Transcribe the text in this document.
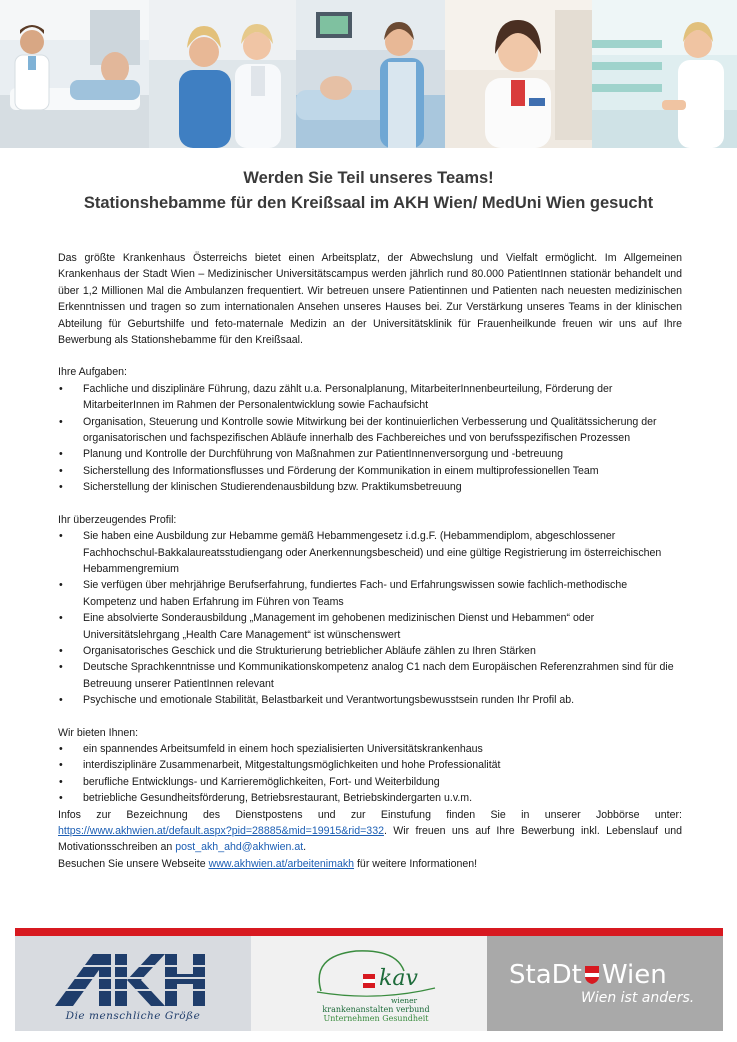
Werden Sie Teil unseres Teams!
Stationshebamme für den Kreißsaal im AKH Wien/ MedUni Wien gesucht

Das größte Krankenhaus Österreichs bietet einen Arbeitsplatz, der Abwechslung und Vielfalt ermöglicht. Im Allgemeinen Krankenhaus der Stadt Wien – Medizinischer Universitätscampus werden jährlich rund 80.000 PatientInnen stationär behandelt und über 1,2 Millionen Mal die Ambulanzen frequentiert. Wir betreuen unsere Patientinnen und Patienten nach neuesten medizinischen Erkenntnissen und tragen so zum internationalen Ansehen unseres Hauses bei. Zur Verstärkung unseres Teams in der klinischen Abteilung für Geburtshilfe und feto-maternale Medizin an der Universitätsklinik für Frauenheilkunde freuen wir uns auf Ihre Bewerbung als Stationshebamme für den Kreißsaal.

Ihre Aufgaben:
• Fachliche und disziplinäre Führung, dazu zählt u.a. Personalplanung, MitarbeiterInnenbeurteilung, Förderung der MitarbeiterInnen im Rahmen der Personalentwicklung sowie Fachaufsicht
• Organisation, Steuerung und Kontrolle sowie Mitwirkung bei der kontinuierlichen Verbesserung und Qualitätssicherung der organisatorischen und fachspezifischen Abläufe innerhalb des Fachbereiches und von berufsspezifischen Prozessen
• Planung und Kontrolle der Durchführung von Maßnahmen zur PatientInnenversorgung und -betreuung
• Sicherstellung des Informationsflusses und Förderung der Kommunikation in einem multiprofessionellen Team
• Sicherstellung der klinischen Studierendenausbildung bzw. Praktikumsbetreuung
Ihr überzeugendes Profil:
• Sie haben eine Ausbildung zur Hebamme gemäß Hebammengesetz i.d.g.F. (Hebammendiplom, abgeschlossener Fachhochschul-Bakkalaureatsstudiengang oder Anerkennungsbescheid) und eine gültige Registrierung im österreichischen Hebammengremium
• Sie verfügen über mehrjährige Berufserfahrung, fundiertes Fach- und Erfahrungswissen sowie fachlich-methodische Kompetenz und haben Erfahrung im Führen von Teams
• Eine absolvierte Sonderausbildung „Management im gehobenen medizinischen Dienst und Hebammen“ oder Universitätslehrgang „Health Care Management“ ist wünschenswert
• Organisatorisches Geschick und die Strukturierung betrieblicher Abläufe zählen zu Ihren Stärken
• Deutsche Sprachkenntnisse und Kommunikationskompetenz analog C1 nach dem Europäischen Referenzrahmen sind für die Betreuung unserer PatientInnen relevant
• Psychische und emotionale Stabilität, Belastbarkeit und Verantwortungsbewusstsein runden Ihr Profil ab.
Wir bieten Ihnen:
• ein spannendes Arbeitsumfeld in einem hoch spezialisierten Universitätskrankenhaus
• interdisziplinäre Zusammenarbeit, Mitgestaltungsmöglichkeiten und hohe Professionalität
• berufliche Entwicklungs- und Karrieremöglichkeiten, Fort- und Weiterbildung
• betriebliche Gesundheitsförderung, Betriebsrestaurant, Betriebskindergarten u.v.m.

Infos zur Bezeichnung des Dienstpostens und zur Einstufung finden Sie in unserer Jobbörse unter: https://www.akhwien.at/default.aspx?pid=28885&mid=19915&rid=332. Wir freuen uns auf Ihre Bewerbung inkl. Lebenslauf und Motivationsschreiben an post_akh_ahd@akhwien.at.

Besuchen Sie unsere Webseite www.akhwien.at/arbeitenimakh für weitere Informationen!

Die menschliche Größe
kav
wiener
krankenanstalten verbund
Unternehmen Gesundheit
StaDt Wien
Wien ist anders.
